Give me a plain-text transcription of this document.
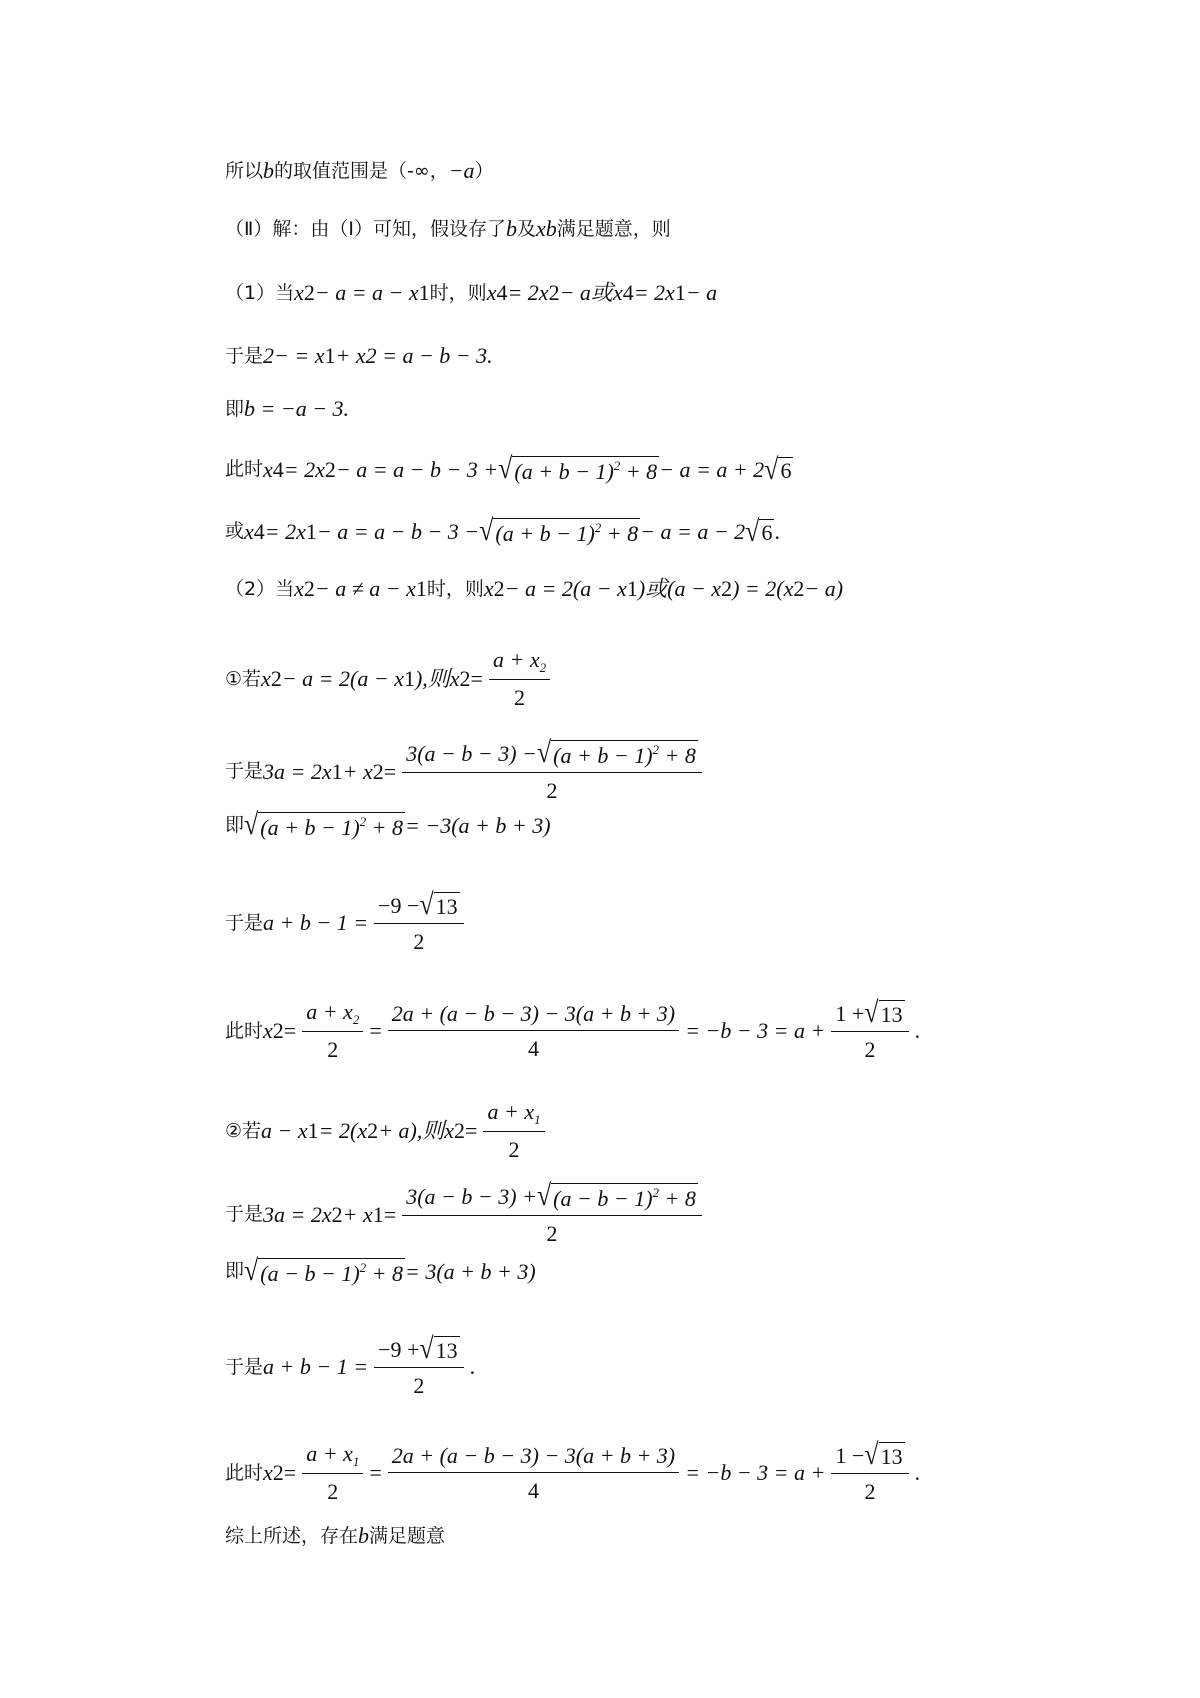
所以 b 的取值范围是（-∞， −a ）
（Ⅱ）解：由（Ⅰ）可知，假设存了 b 及 x b 满足题意，则
（1）当 x 2 − a = a − x 1 时，则 x 4 = 2x 2 − a或x 4 = 2x 1 − a
于是 2− = x 1 + x2 = a − b − 3.
即 b = −a − 3.
此时 x 4 = 2x 2 − a = a − b − 3 + √ $(a + b - 1)^2 + 8 - a = a + 2$ √ 6
或 x 4 = 2x 1 − a = a − b − 3 − √ $(a + b - 1)^2 + 8 - a = a - 2$ √ 6 .
（2）当 x 2 − a ≠ a − x 1 时，则 x 2 − a = 2(a − x 1 )或(a − x 2 ) = 2(x 2 − a)
①若 x 2 − a = 2(a − x 1 ),则x $2 = \frac{a + x_2}{2}$
于是 3a = 2x 1 + x $2 = \frac{3(a - b - 3) - √ (a + b - 1)^2 + 8}{2}$
即 √ $(a + b - 1)^2 + 8 = -3(a + b + 3)$
于是 $a + b - 1 = \frac{-9 - √ 13}{2}$
此时 x $2 = \frac{a + x_2}{2} = \frac{2a + (a - b - 3) - 3(a + b + 3)}{4} = -b - 3 = a + \frac{1 + √ 13}{2}$ .
②若 a − x 1 = 2(x 2 + a),则x $2 = \frac{a + x_1}{2}$
于是 3a = 2x 2 + x $1 = \frac{3(a - b - 3) + √ (a - b - 1)^2 + 8}{2}$
即 √ $(a - b - 1)^2 + 8 = 3(a + b + 3)$
于是 $a + b - 1 = \frac{-9 + √ 13}{2}$ .
此时 x $2 = \frac{a + x_1}{2} = \frac{2a + (a - b - 3) - 3(a + b + 3)}{4} = -b - 3 = a + \frac{1 - √ 13}{2}$ .
综上所述，存在 b 满足题意
